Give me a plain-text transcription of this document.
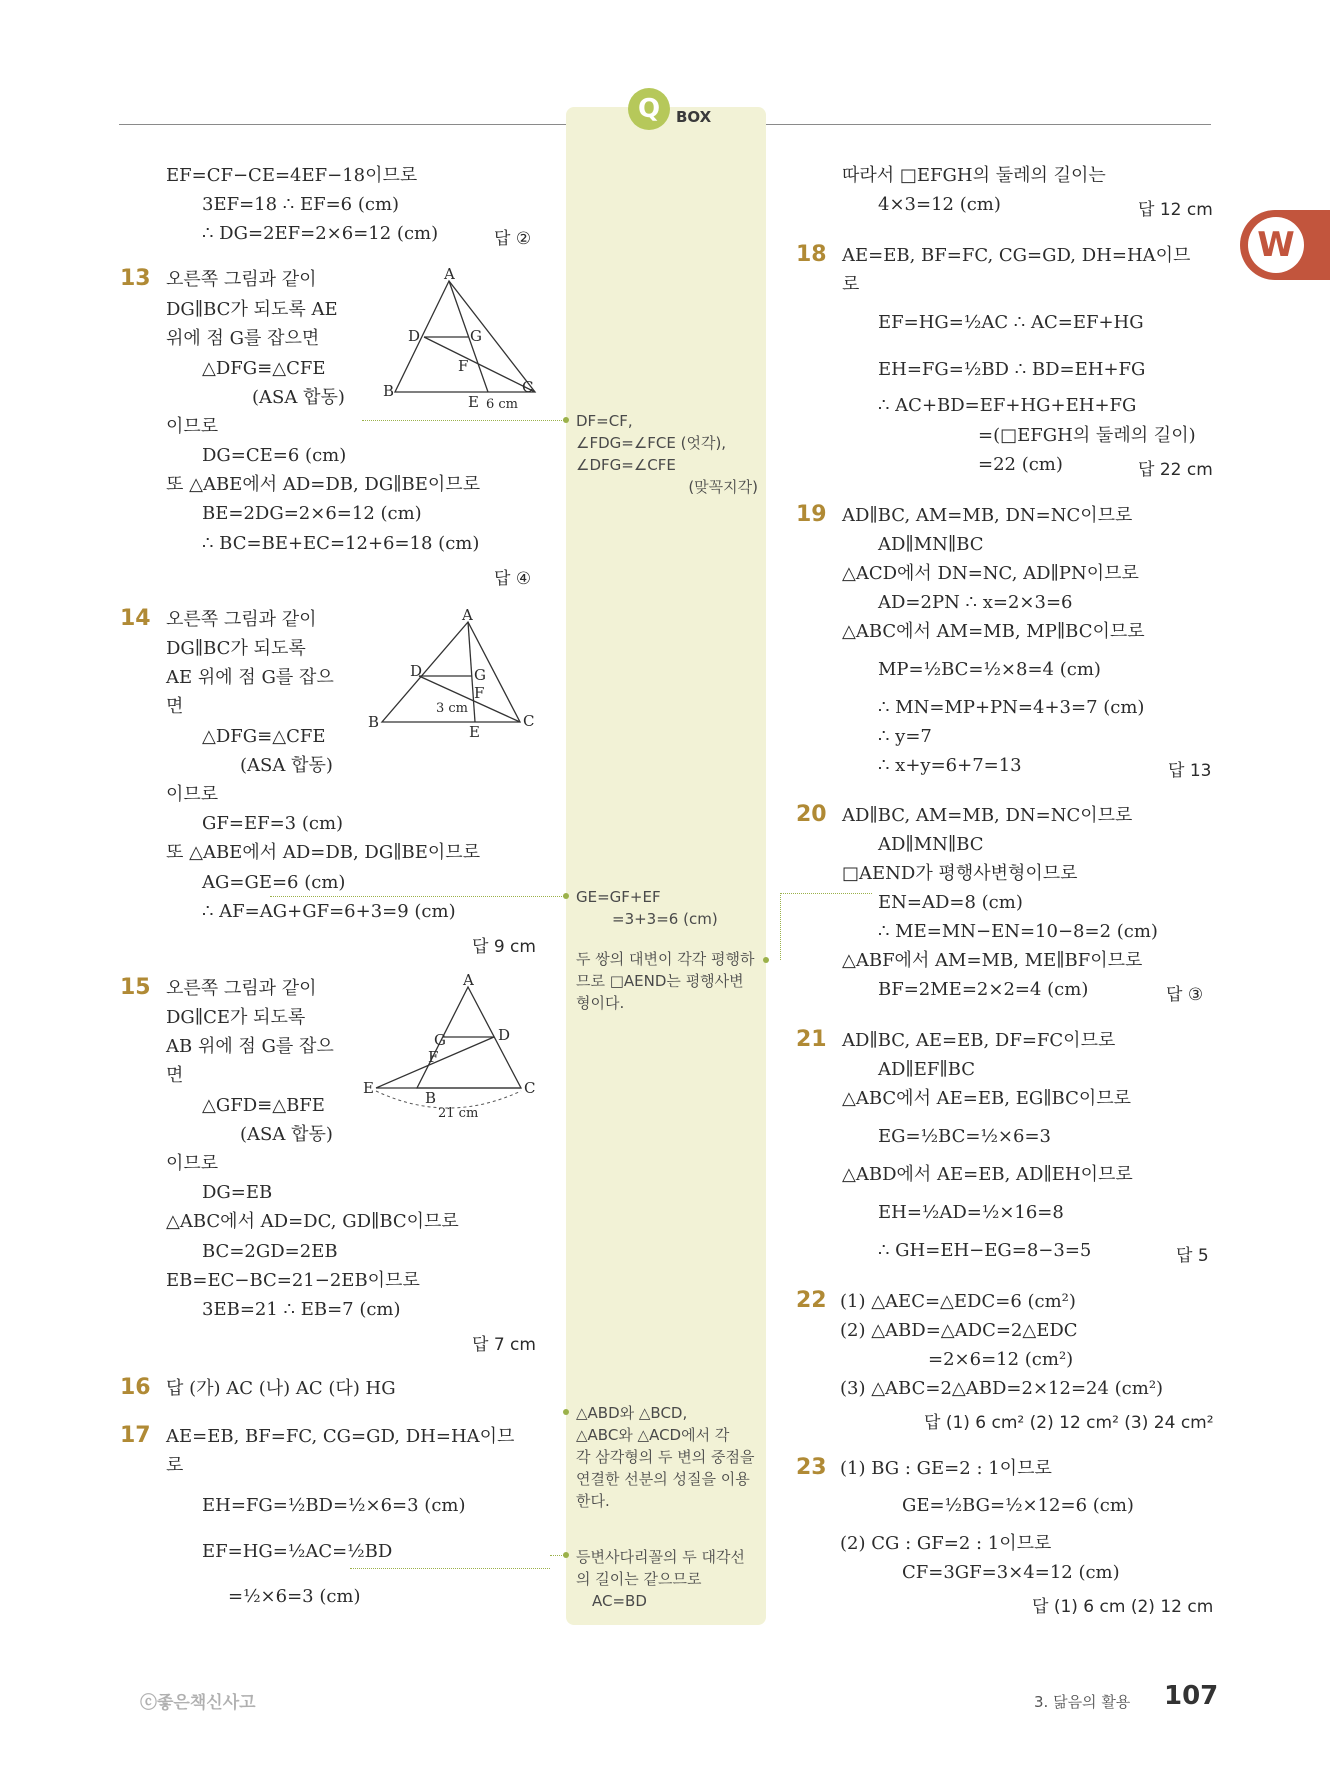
Q	BOX
W
EF=CF−CE=4EF−18이므로
3EF=18 ∴ EF=6 (cm)
∴ DG=2EF=2×6=12 (cm)	답 ②
13 오른쪽 그림과 같이
DG∥BC가 되도록 AE
위에 점 G를 잡으면
△DFG≡△CFE
(ASA 합동)
이므로
DG=CE=6 (cm)
또 △ABE에서 AD=DB, DG∥BE이므로
BE=2DG=2×6=12 (cm)
∴ BC=BE+EC=12+6=18 (cm)
답 ④
A
B	C
D
E
F
G
6 cm
14 오른쪽 그림과 같이
DG∥BC가 되도록
AE 위에 점 G를 잡으
면
△DFG≡△CFE
(ASA 합동)
이므로
GF=EF=3 (cm)
또 △ABE에서 AD=DB, DG∥BE이므로
AG=GE=6 (cm)
∴ AF=AG+GF=6+3=9 (cm)
답 9 cm
A
B	C
D
E
F
G
3 cm
15 오른쪽 그림과 같이
DG∥CE가 되도록
AB 위에 점 G를 잡으
면
△GFD≡△BFE
(ASA 합동)
이므로
DG=EB
△ABC에서 AD=DC, GD∥BC이므로
BC=2GD=2EB
EB=EC−BC=21−2EB이므로
3EB=21 ∴ EB=7 (cm)
답 7 cm
A
B
C
D
E
F
G
21 cm
16 답 (가) AC (나) AC (다) HG
17 AE=EB, BF=FC, CG=GD, DH=HA이므
로
EH=FG=½BD=½×6=3 (cm)
EF=HG=½AC=½BD
=½×6=3 (cm)
DF=CF,
∠FDG=∠FCE (엇각),
∠DFG=∠CFE
(맞꼭지각)
GE=GF+EF
=3+3=6 (cm)
두 쌍의 대변이 각각 평행하
므로 □AEND는 평행사변
형이다.
△ABD와 △BCD,
△ABC와 △ACD에서 각
각 삼각형의 두 변의 중점을
연결한 선분의 성질을 이용
한다.
등변사다리꼴의 두 대각선
의 길이는 같으므로
AC=BD
따라서 □EFGH의 둘레의 길이는
4×3=12 (cm)	답 12 cm
18 AE=EB, BF=FC, CG=GD, DH=HA이므
로
EF=HG=½AC ∴ AC=EF+HG
EH=FG=½BD ∴ BD=EH+FG
∴ AC+BD=EF+HG+EH+FG
=(□EFGH의 둘레의 길이)
=22 (cm)	답 22 cm
19 AD∥BC, AM=MB, DN=NC이므로
AD∥MN∥BC
△ACD에서 DN=NC, AD∥PN이므로
AD=2PN ∴ x=2×3=6
△ABC에서 AM=MB, MP∥BC이므로
MP=½BC=½×8=4 (cm)
∴ MN=MP+PN=4+3=7 (cm)
∴ y=7
∴ x+y=6+7=13	답 13
20 AD∥BC, AM=MB, DN=NC이므로
AD∥MN∥BC
□AEND가 평행사변형이므로
EN=AD=8 (cm)
∴ ME=MN−EN=10−8=2 (cm)
△ABF에서 AM=MB, ME∥BF이므로
BF=2ME=2×2=4 (cm)	답 ③
21 AD∥BC, AE=EB, DF=FC이므로
AD∥EF∥BC
△ABC에서 AE=EB, EG∥BC이므로
EG=½BC=½×6=3
△ABD에서 AE=EB, AD∥EH이므로
EH=½AD=½×16=8
∴ GH=EH−EG=8−3=5	답 5
22 (1) △AEC=△EDC=6 (cm²)
(2) △ABD=△ADC=2△EDC
=2×6=12 (cm²)
(3) △ABC=2△ABD=2×12=24 (cm²)
답 (1) 6 cm² (2) 12 cm² (3) 24 cm²
23 (1) BG : GE=2 : 1이므로
GE=½BG=½×12=6 (cm)
(2) CG : GF=2 : 1이므로
CF=3GF=3×4=12 (cm)
답 (1) 6 cm (2) 12 cm
ⓒ좋은책신사고	3. 닮음의 활용 107
